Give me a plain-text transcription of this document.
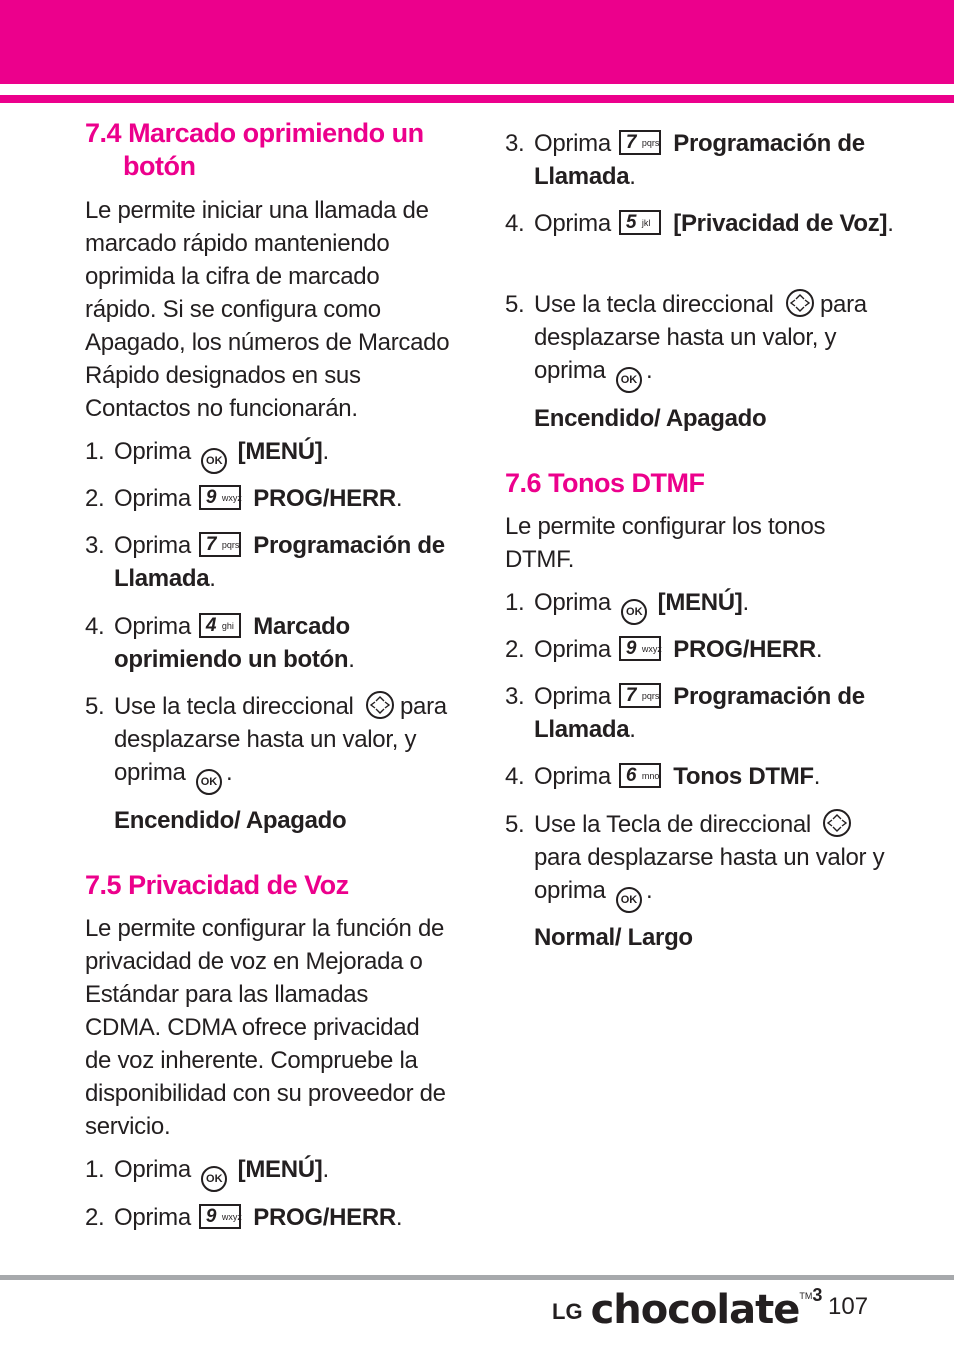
7.4 Marcado oprimiendo un botón

Le permite iniciar una llamada de marcado rápido manteniendo oprimida la cifra de marcado rápido. Si se configura como Apagado, los números de Marcado Rápido designados en sus Contactos no funcionarán.

1. Oprima OK [MENÚ].
2. Oprima 9 wxyz PROG/HERR.
3. Oprima 7 pqrs Programación de Llamada.
4. Oprima 4 ghi Marcado oprimiendo un botón.
5. Use la tecla direccional para desplazarse hasta un valor, y oprima OK .
Encendido/ Apagado
7.5 Privacidad de Voz

Le permite configurar la función de privacidad de voz en Mejorada o Estándar para las llamadas CDMA. CDMA ofrece privacidad de voz inherente. Compruebe la disponibilidad con su proveedor de servicio.

1. Oprima OK [MENÚ].
2. Oprima 9 wxyz PROG/HERR.
3. Oprima 7 pqrs Programación de Llamada.
4. Oprima 5 jkl [Privacidad de Voz].
5. Use la tecla direccional para desplazarse hasta un valor, y oprima OK .
Encendido/ Apagado
7.6 Tonos DTMF

Le permite configurar los tonos DTMF.

1. Oprima OK [MENÚ].
2. Oprima 9 wxyz PROG/HERR.
3. Oprima 7 pqrs Programación de Llamada.
4. Oprima 6 mno Tonos DTMF.
5. Use la Tecla de direccional
para desplazarse hasta un valor y oprima OK .
Normal/ Largo
LG chocolate$^{TM3}$ 107
